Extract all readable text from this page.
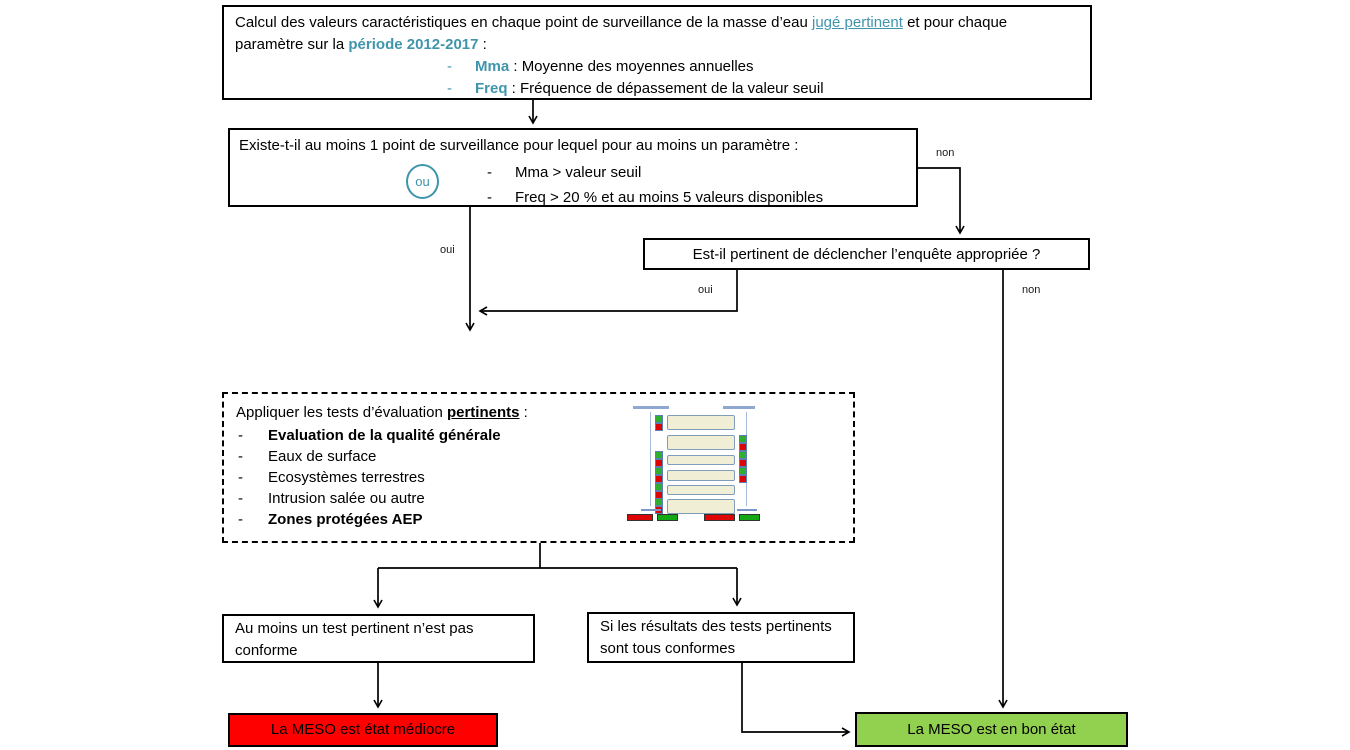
Calcul des valeurs caractéristiques en chaque point de surveillance de la masse d’eau jugé pertinent et pour chaque paramètre sur la période 2012-2017 :
-	Mma : Moyenne des moyennes annuelles
-	Freq : Fréquence de dépassement de la valeur seuil
Existe-t-il au moins 1 point de surveillance pour lequel pour au moins un paramètre :
ou	-	Mma > valeur seuil
-	Freq > 20 % et au moins 5 valeurs disponibles
non
oui
oui	non
Est-il pertinent de déclencher l’enquête appropriée ?
Appliquer les tests d’évaluation pertinents :
-	Evaluation de la qualité générale
-	Eaux de surface
-	Ecosystèmes terrestres
-	Intrusion salée ou autre
-	Zones protégées AEP
Au moins un test pertinent n’est pas conforme
Si les résultats des tests pertinents sont tous conformes
La MESO est état médiocre	La MESO est en bon état
